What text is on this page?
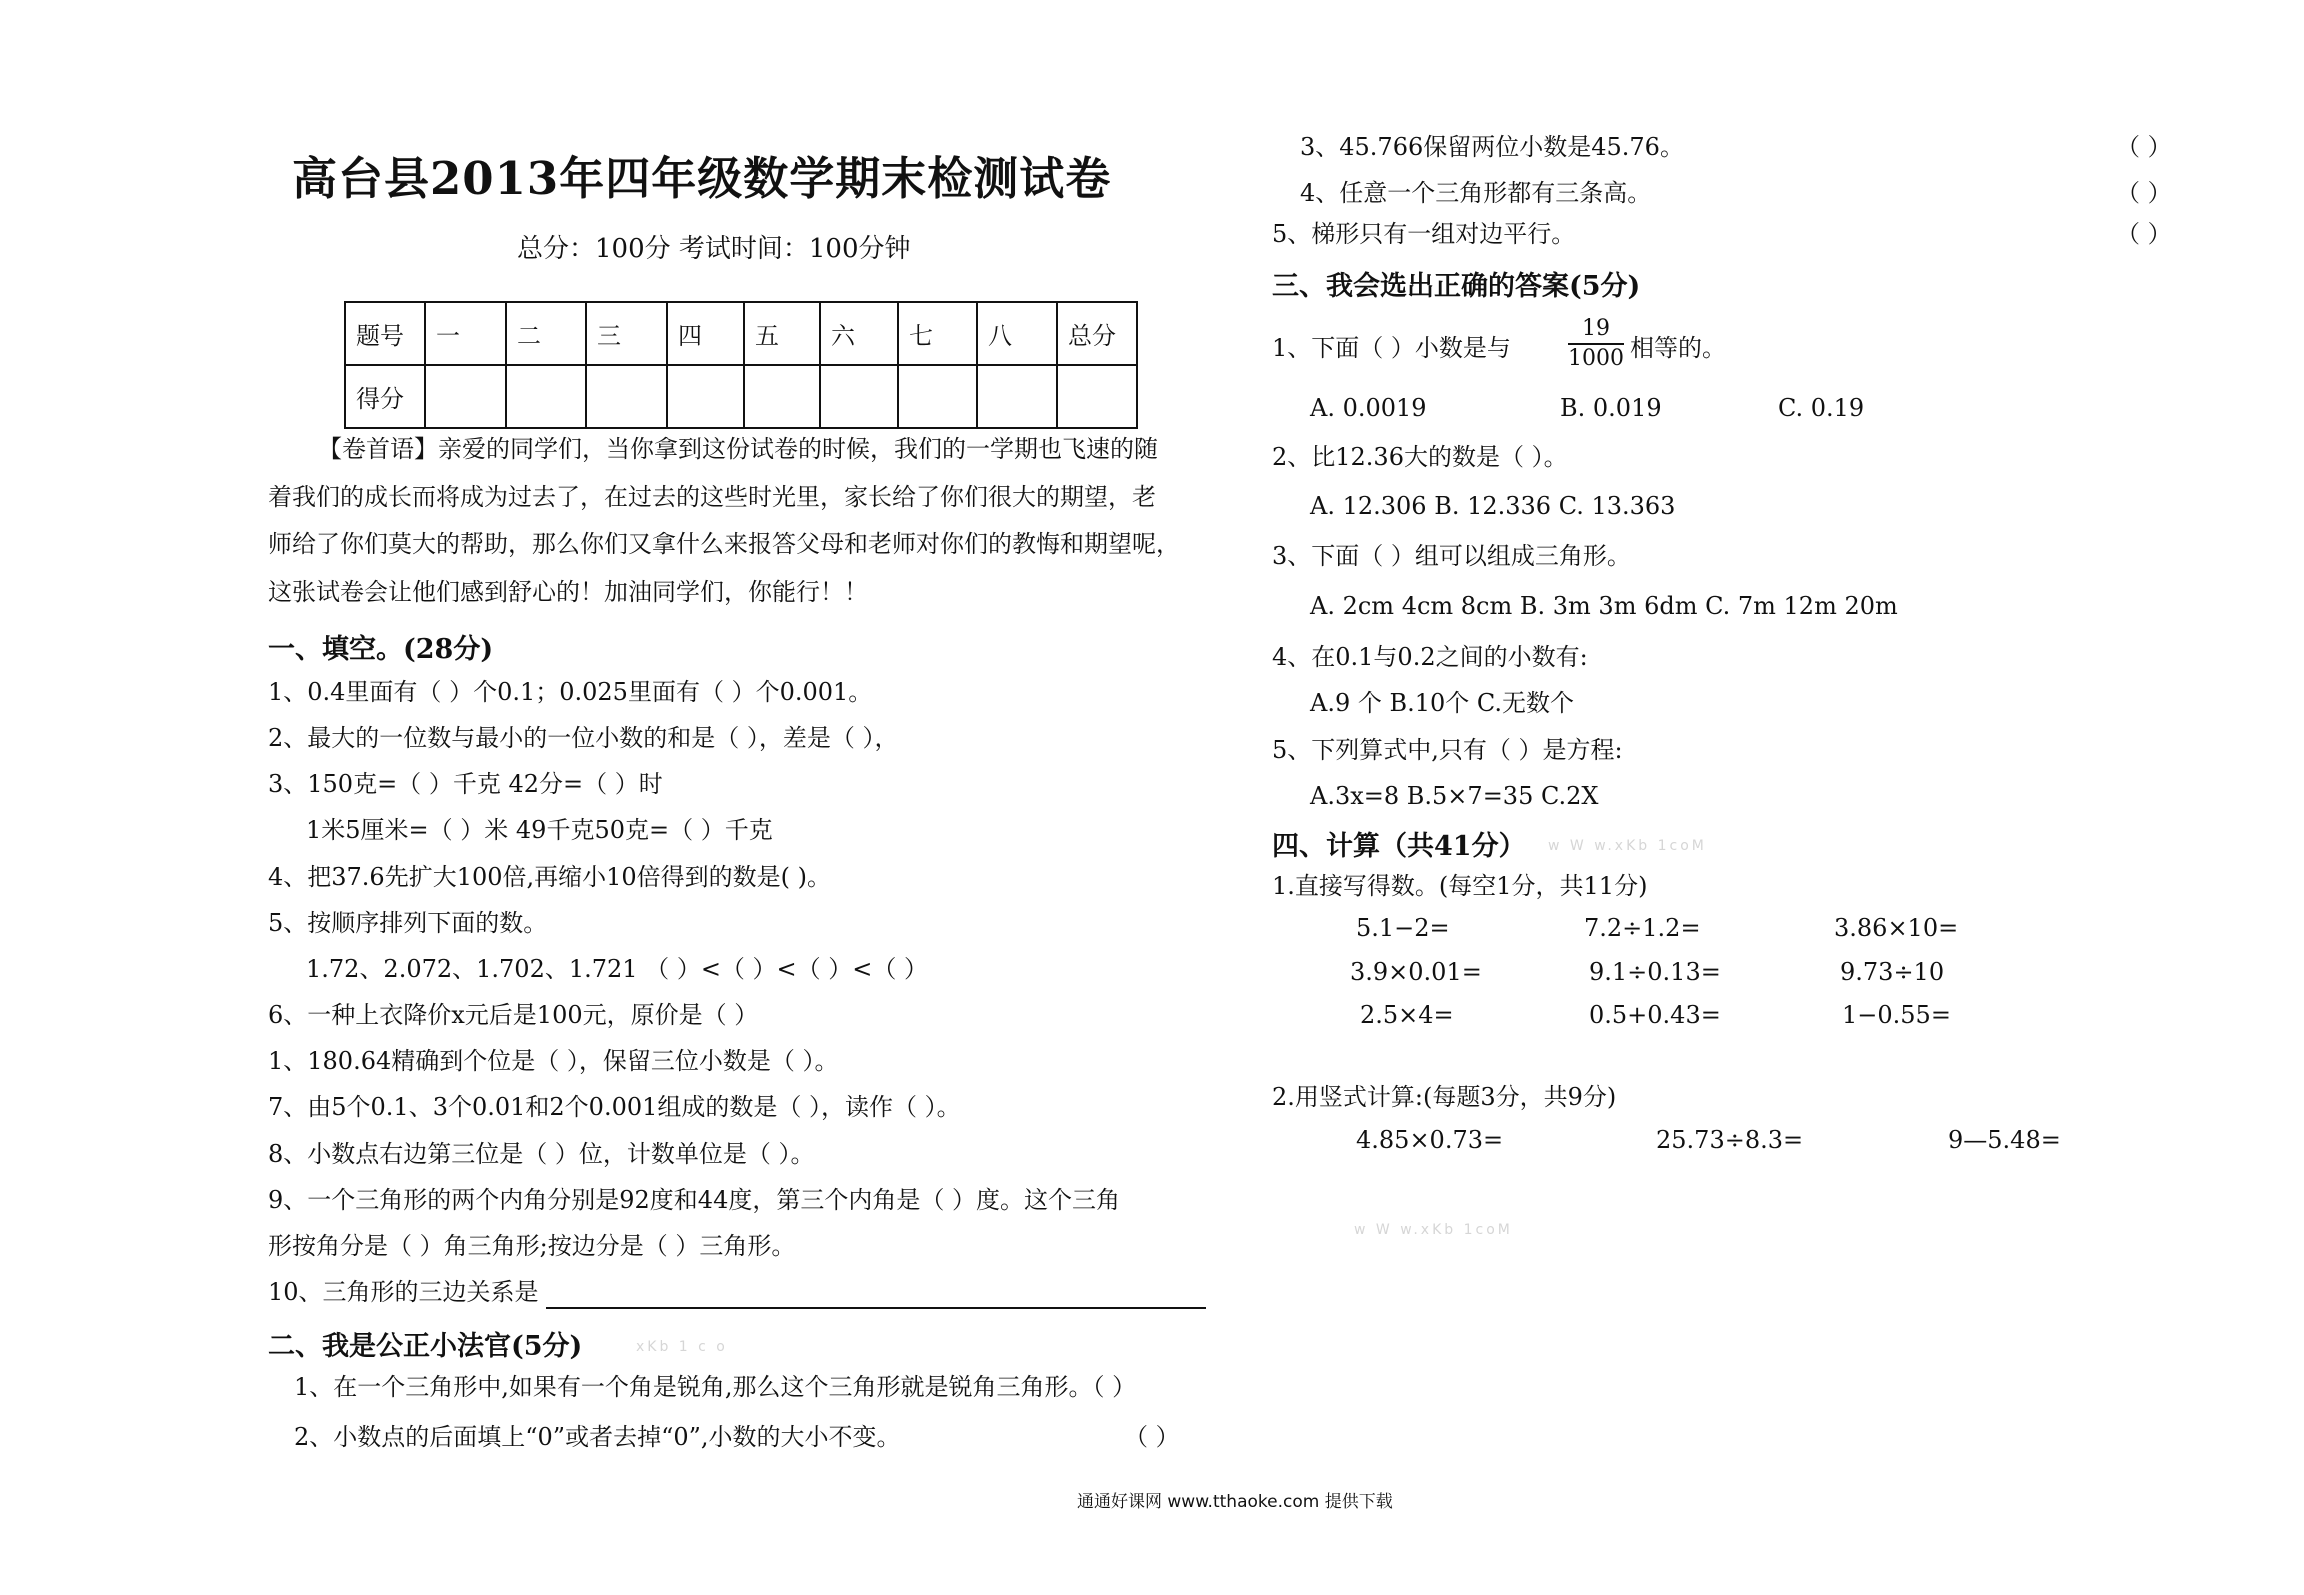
高台县2013年四年级数学期末检测试卷
总分：100分 考试时间：100分钟
题号	一	二	三	四	五	六	七	八	总分
得分									
【卷首语】亲爱的同学们，当你拿到这份试卷的时候，我们的一学期也飞速的随
着我们的成长而将成为过去了，在过去的这些时光里，家长给了你们很大的期望，老
师给了你们莫大的帮助，那么你们又拿什么来报答父母和老师对你们的教悔和期望呢，
这张试卷会让他们感到舒心的！加油同学们，你能行！！
一、填空。(28分)
1、0.4里面有（ ）个0.1；0.025里面有（ ）个0.001。
2、最大的一位数与最小的一位小数的和是（ ），差是（ ），
3、150克=（ ）千克 42分=（ ）时
1米5厘米=（ ）米 49千克50克=（ ）千克
4、把37.6先扩大100倍,再缩小10倍得到的数是( )。
5、按顺序排列下面的数。
1.72、2.072、1.702、1.721 （ ）<（ ）<（ ）<（ ）
6、一种上衣降价x元后是100元，原价是（ ）
1、180.64精确到个位是（ ），保留三位小数是（ ）。
7、由5个0.1、3个0.01和2个0.001组成的数是（ ），读作（ ）。
8、小数点右边第三位是（ ）位，计数单位是（ ）。
9、一个三角形的两个内角分别是92度和44度，第三个内角是（ ）度。这个三角
形按角分是（ ）角三角形;按边分是（ ）三角形。
10、三角形的三边关系是
二、我是公正小法官(5分)
1、在一个三角形中,如果有一个角是锐角,那么这个三角形就是锐角三角形。（ ）
2、小数点的后面填上“0”或者去掉“0”,小数的大小不变。	（ ）
3、45.766保留两位小数是45.76。	（ ）
4、任意一个三角形都有三条高。	（ ）
5、梯形只有一组对边平行。	（ ）
三、我会选出正确的答案(5分)
1、下面（ ）小数是与
19
1000 相等的。
A. 0.0019	B. 0.019	C. 0.19
2、比12.36大的数是（ ）。
A. 12.306 B. 12.336 C. 13.363
3、下面（ ）组可以组成三角形。
A. 2cm 4cm 8cm B. 3m 3m 6dm C. 7m 12m 20m
4、在0.1与0.2之间的小数有:
A.9 个 B.10个 C.无数个
5、下列算式中,只有（ ）是方程:
A.3x=8 B.5×7=35 C.2X
四、计算（共41分）
1.直接写得数。(每空1分，共11分)
5.1−2=	7.2÷1.2=	3.86×10=
3.9×0.01=	9.1÷0.13=	9.73÷10
2.5×4=	0.5+0.43=	1−0.55=
2.用竖式计算:(每题3分，共9分)
4.85×0.73=	25.73÷8.3=	9—5.48=
w W w.xKb 1coM
w W w.xKb 1coM
xKb 1 c o
通通好课网 www.tthaoke.com 提供下载
